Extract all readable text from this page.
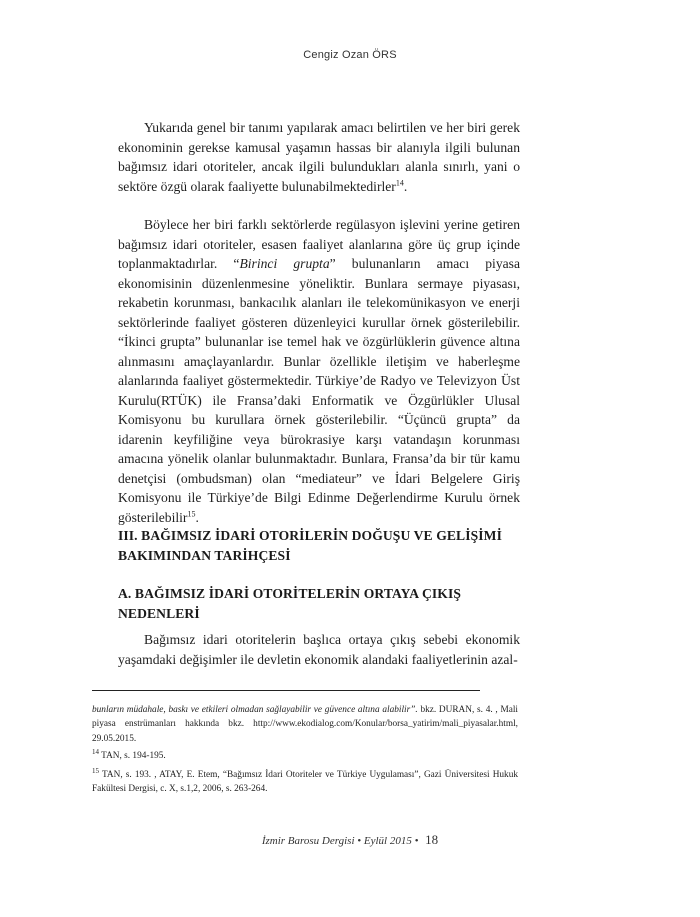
Cengiz Ozan ÖRS

Yukarıda genel bir tanımı yapılarak amacı belirtilen ve her biri gerek ekonominin gerekse kamusal yaşamın hassas bir alanıyla ilgili bulunan bağımsız idari otoriteler, ancak ilgili bulundukları alanla sınırlı, yani o sektöre özgü olarak faaliyette bulunabilmektedirler$^{14}$.

Böylece her biri farklı sektörlerde regülasyon işlevini yerine getiren bağımsız idari otoriteler, esasen faaliyet alanlarına göre üç grup içinde toplanmaktadırlar. “Birinci grupta” bulunanların amacı piyasa ekonomisinin düzenlenmesine yöneliktir. Bunlara sermaye piyasası, rekabetin korunması, bankacılık alanları ile telekomünikasyon ve enerji sektörlerinde faaliyet gösteren düzenleyici kurullar örnek gösterilebilir. “İkinci grupta” bulunanlar ise temel hak ve özgürlüklerin güvence altına alınmasını amaçlayanlardır. Bunlar özellikle iletişim ve haberleşme alanlarında faaliyet göstermektedir. Türkiye’de Radyo ve Televizyon Üst Kurulu(RTÜK) ile Fransa’daki Enformatik ve Özgürlükler Ulusal Komisyonu bu kurullara örnek gösterilebilir. “Üçüncü grupta” da idarenin keyfiliğine veya bürokrasiye karşı vatandaşın korunması amacına yönelik olanlar bulunmaktadır. Bunlara, Fransa’da bir tür kamu denetçisi (ombudsman) olan “mediateur” ve İdari Belgelere Giriş Komisyonu ile Türkiye’de Bilgi Edinme Değerlendirme Kurulu örnek gösterilebilir$^{15}$.

III. BAĞIMSIZ İDARİ OTORİLERİN DOĞUŞU VE GELİŞİMİ BAKIMINDAN TARİHÇESİ
A. BAĞIMSIZ İDARİ OTORİTELERİN ORTAYA ÇIKIŞ NEDENLERİ

Bağımsız idari otoritelerin başlıca ortaya çıkış sebebi ekonomik yaşamdaki değişimler ile devletin ekonomik alandaki faaliyetlerinin azal-

bunların müdahale, baskı ve etkileri olmadan sağlayabilir ve güvence altına alabilir”. bkz. DURAN, s. 4. , Mali piyasa enstrümanları hakkında bkz. http://www.ekodialog.com/Konular/borsa_yatirim/mali_piyasalar.html, 29.05.2015.
$^{14}$ TAN, s. 194-195.
$^{15}$ TAN, s. 193. , ATAY, E. Etem, “Bağımsız İdari Otoriteler ve Türkiye Uygulaması”, Gazi Üniversitesi Hukuk Fakültesi Dergisi, c. X, s.1,2, 2006, s. 263-264.
İzmir Barosu Dergisi • Eylül 2015 • 18
